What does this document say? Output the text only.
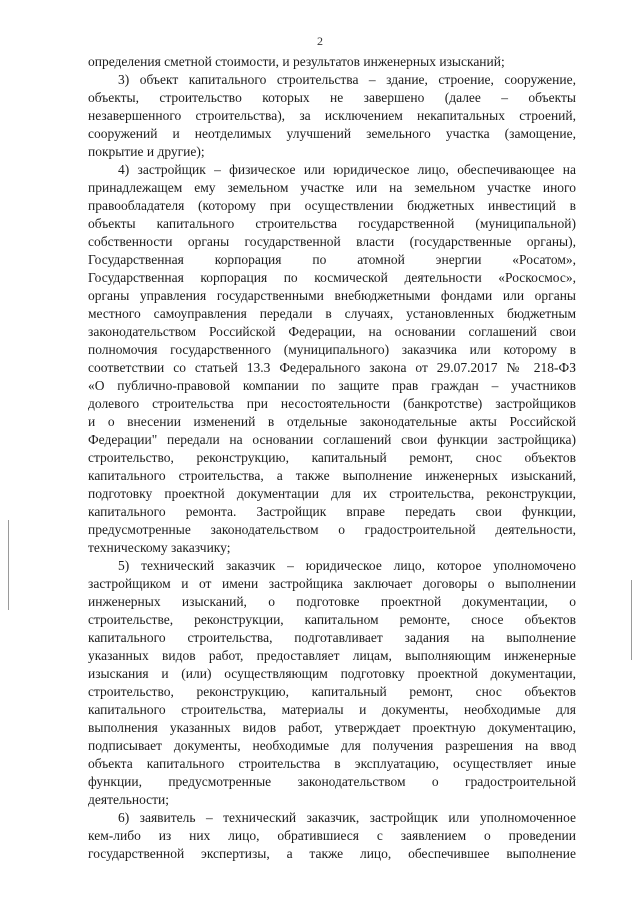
2
определения сметной стоимости, и результатов инженерных изысканий;
3) объект капитального строительства – здание, строение, сооружение,
объекты, строительство которых не завершено (далее – объекты
незавершенного строительства), за исключением некапитальных строений,
сооружений и неотделимых улучшений земельного участка (замощение,
покрытие и другие);
4) застройщик – физическое или юридическое лицо, обеспечивающее на
принадлежащем ему земельном участке или на земельном участке иного
правообладателя (которому при осуществлении бюджетных инвестиций в
объекты капитального строительства государственной (муниципальной)
собственности органы государственной власти (государственные органы),
Государственная корпорация по атомной энергии «Росатом»,
Государственная корпорация по космической деятельности «Роскосмос»,
органы управления государственными внебюджетными фондами или органы
местного самоуправления передали в случаях, установленных бюджетным
законодательством Российской Федерации, на основании соглашений свои
полномочия государственного (муниципального) заказчика или которому в
соответствии со статьей 13.3 Федерального закона от 29.07.2017 № 218-ФЗ
«О публично-правовой компании по защите прав граждан – участников
долевого строительства при несостоятельности (банкротстве) застройщиков
и о внесении изменений в отдельные законодательные акты Российской
Федерации" передали на основании соглашений свои функции застройщика)
строительство, реконструкцию, капитальный ремонт, снос объектов
капитального строительства, а также выполнение инженерных изысканий,
подготовку проектной документации для их строительства, реконструкции,
капитального ремонта. Застройщик вправе передать свои функции,
предусмотренные законодательством о градостроительной деятельности,
техническому заказчику;
5) технический заказчик – юридическое лицо, которое уполномочено
застройщиком и от имени застройщика заключает договоры о выполнении
инженерных изысканий, о подготовке проектной документации, о
строительстве, реконструкции, капитальном ремонте, сносе объектов
капитального строительства, подготавливает задания на выполнение
указанных видов работ, предоставляет лицам, выполняющим инженерные
изыскания и (или) осуществляющим подготовку проектной документации,
строительство, реконструкцию, капитальный ремонт, снос объектов
капитального строительства, материалы и документы, необходимые для
выполнения указанных видов работ, утверждает проектную документацию,
подписывает документы, необходимые для получения разрешения на ввод
объекта капитального строительства в эксплуатацию, осуществляет иные
функции, предусмотренные законодательством о градостроительной
деятельности;
6) заявитель – технический заказчик, застройщик или уполномоченное
кем-либо из них лицо, обратившиеся с заявлением о проведении
государственной экспертизы, а также лицо, обеспечившее выполнение
